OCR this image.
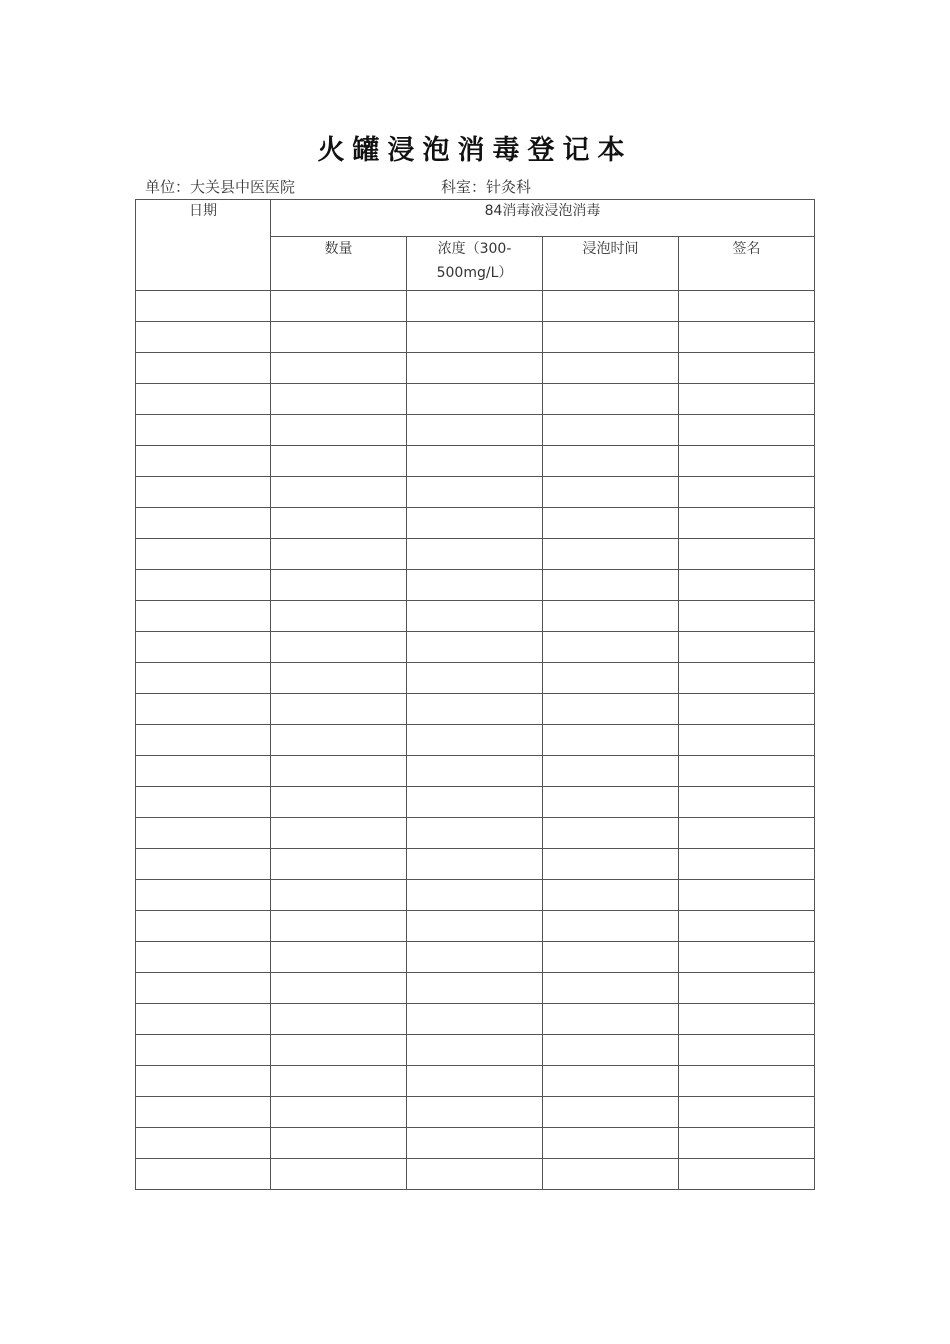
火罐浸泡消毒登记本
单位：大关县中医医院	科室：针灸科
日期	84消毒液浸泡消毒			
	数量	浓度（300-500mg/L）	浸泡时间	签名
